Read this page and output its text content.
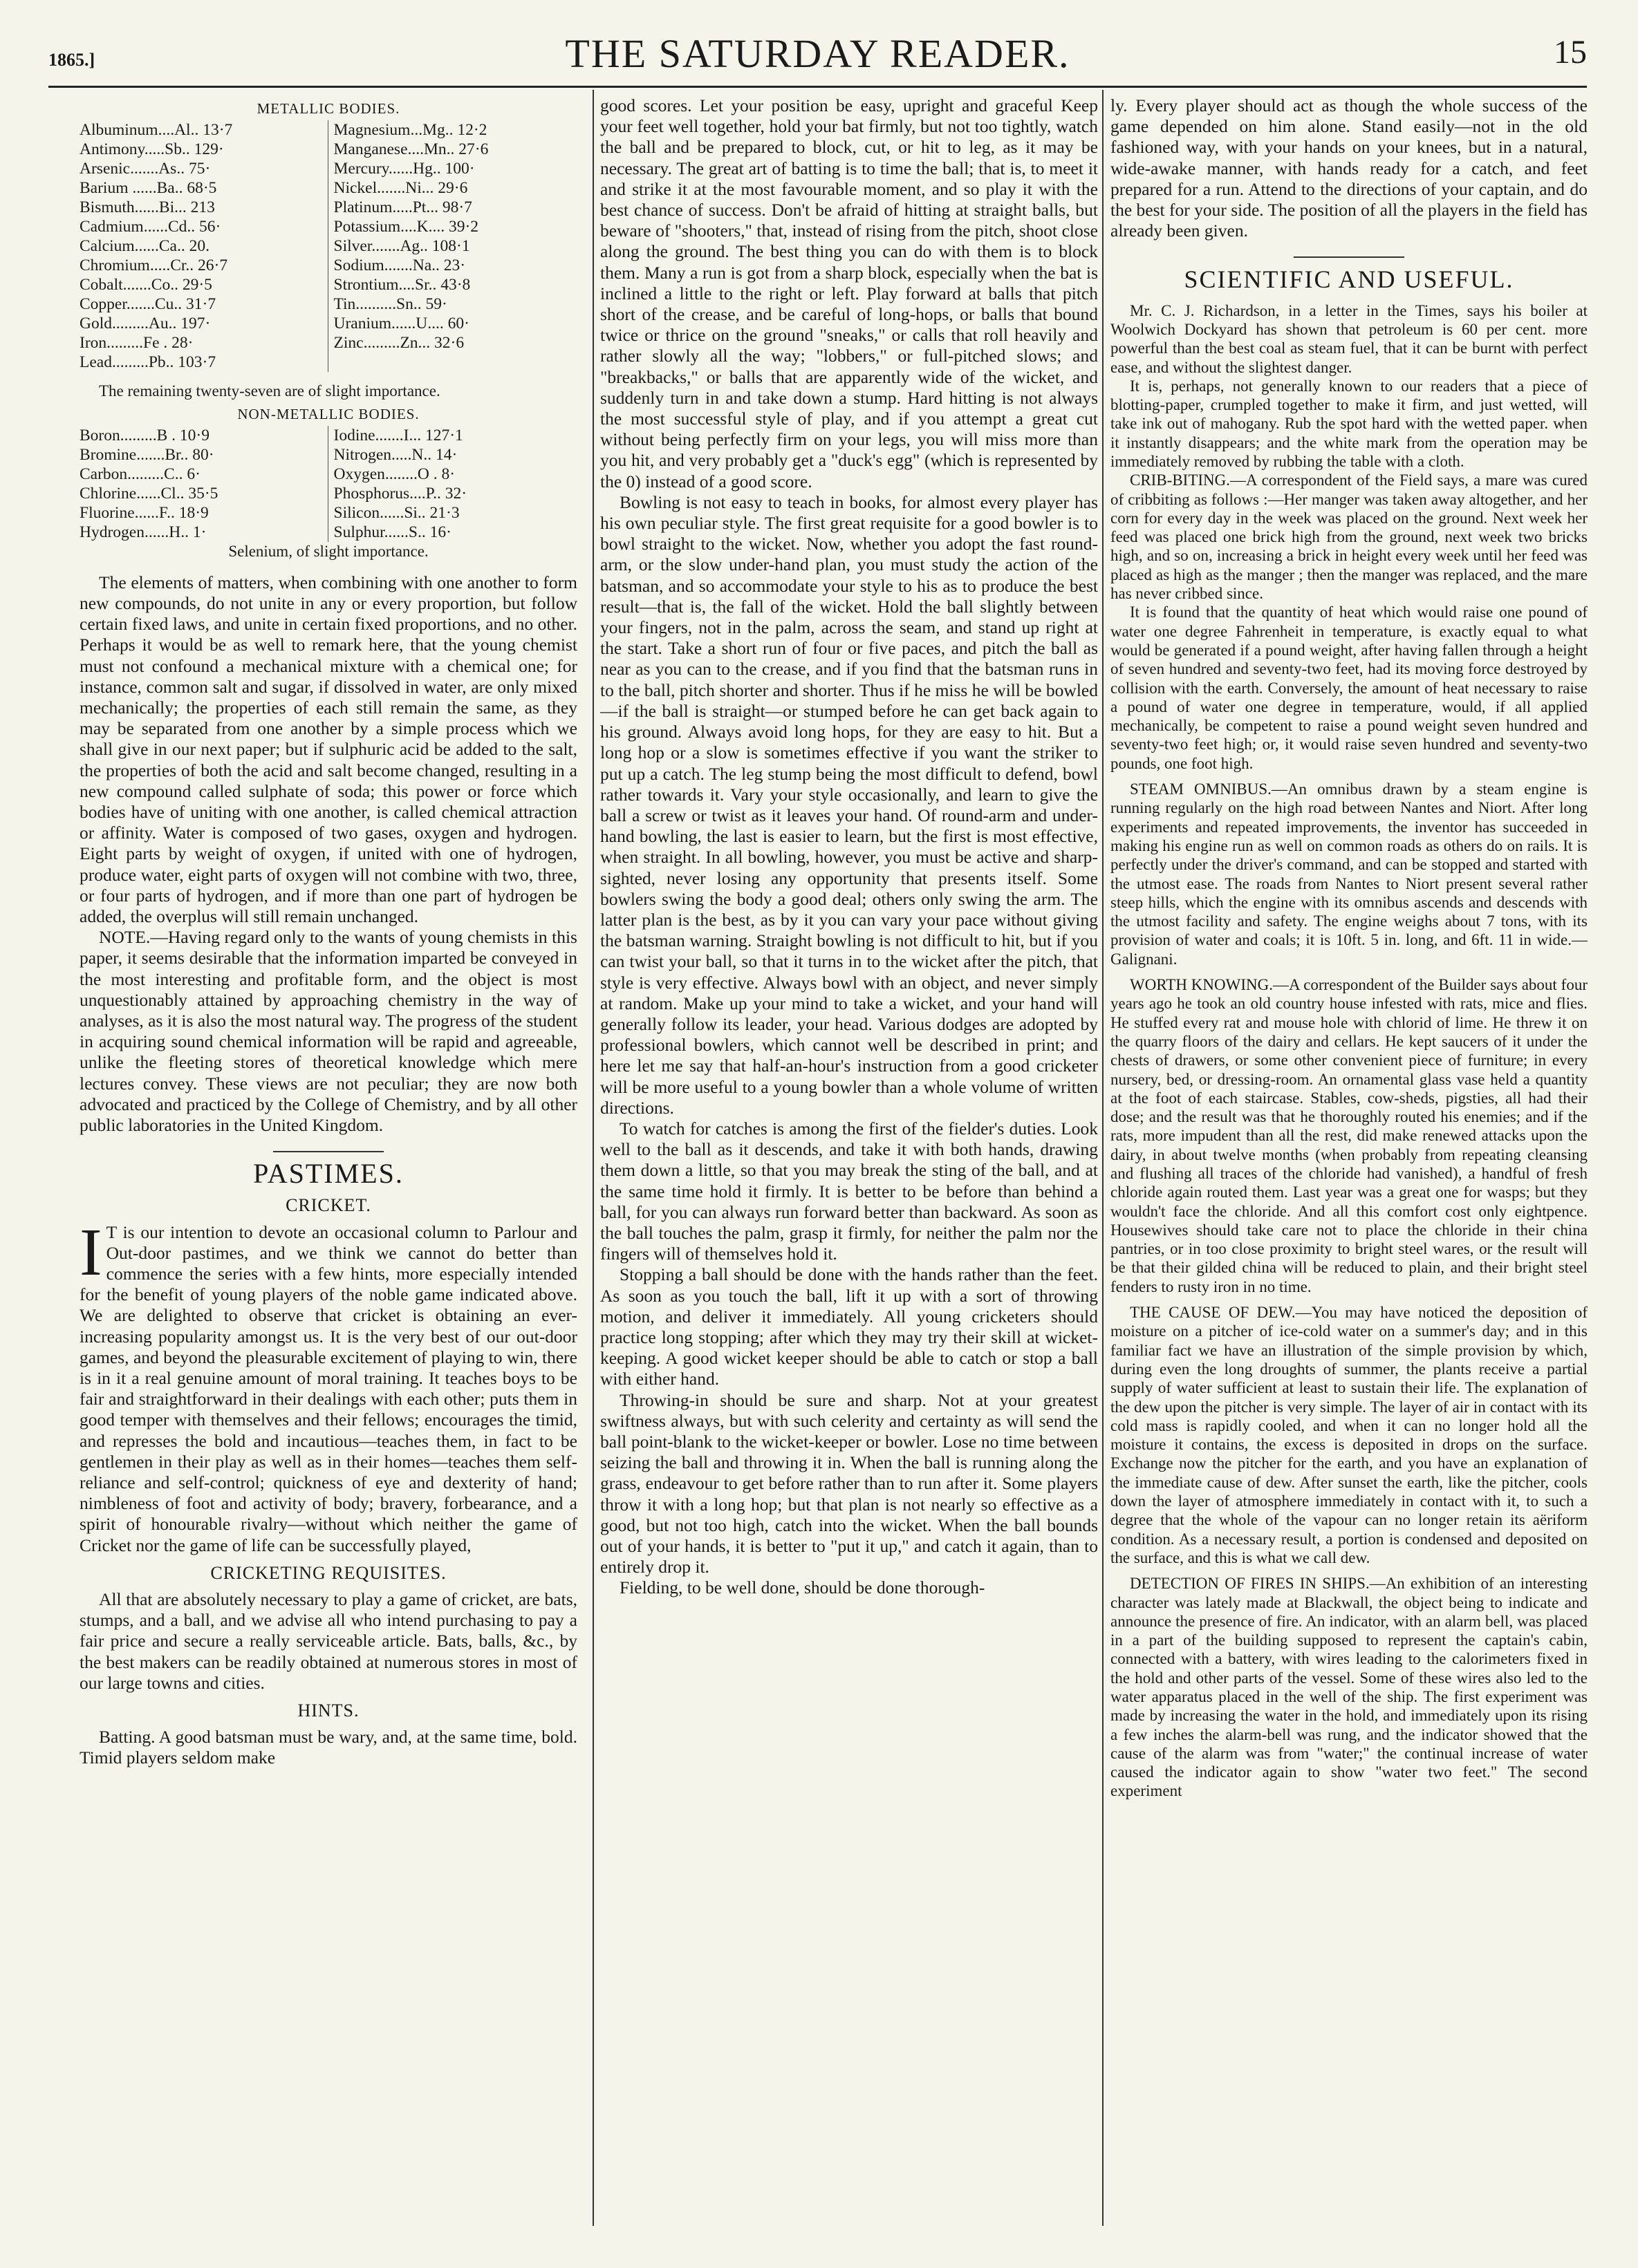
1865.]	THE SATURDAY READER.	15
METALLIC BODIES.
Albuminum....Al.. 13·7
Antimony.....Sb.. 129·
Arsenic.......As.. 75·
Barium ......Ba.. 68·5
Bismuth......Bi... 213
Cadmium......Cd.. 56·
Calcium......Ca.. 20.
Chromium.....Cr.. 26·7
Cobalt.......Co.. 29·5
Copper.......Cu.. 31·7
Gold.........Au.. 197·
Iron.........Fe . 28·
Lead.........Pb.. 103·7
Magnesium...Mg.. 12·2
Manganese....Mn.. 27·6
Mercury......Hg.. 100·
Nickel.......Ni... 29·6
Platinum.....Pt... 98·7
Potassium....K.... 39·2
Silver.......Ag.. 108·1
Sodium.......Na.. 23·
Strontium....Sr.. 43·8
Tin..........Sn.. 59·
Uranium......U.... 60·
Zinc.........Zn... 32·6

The remaining twenty-seven are of slight importance.

NON-METALLIC BODIES.
Boron.........B . 10·9
Bromine.......Br.. 80·
Carbon.........C.. 6·
Chlorine......Cl.. 35·5
Fluorine......F.. 18·9
Hydrogen......H.. 1·
Iodine.......I... 127·1
Nitrogen.....N.. 14·
Oxygen........O . 8·
Phosphorus....P.. 32·
Silicon......Si.. 21·3
Sulphur......S.. 16·
Selenium, of slight importance.

The elements of matters, when combining with one another to form new compounds, do not unite in any or every proportion, but follow certain fixed laws, and unite in certain fixed proportions, and no other. Perhaps it would be as well to remark here, that the young chemist must not confound a mechanical mixture with a chemical one; for instance, common salt and sugar, if dissolved in water, are only mixed mechanically; the properties of each still remain the same, as they may be separated from one another by a simple process which we shall give in our next paper; but if sulphuric acid be added to the salt, the properties of both the acid and salt become changed, resulting in a new compound called sulphate of soda; this power or force which bodies have of uniting with one another, is called chemical attraction or affinity. Water is composed of two gases, oxygen and hydrogen. Eight parts by weight of oxygen, if united with one of hydrogen, produce water, eight parts of oxygen will not combine with two, three, or four parts of hydrogen, and if more than one part of hydrogen be added, the overplus will still remain unchanged.

NOTE.—Having regard only to the wants of young chemists in this paper, it seems desirable that the information imparted be conveyed in the most interesting and profitable form, and the object is most unquestionably attained by approaching chemistry in the way of analyses, as it is also the most natural way. The progress of the student in acquiring sound chemical information will be rapid and agreeable, unlike the fleeting stores of theoretical knowledge which mere lectures convey. These views are not peculiar; they are now both advocated and practiced by the College of Chemistry, and by all other public laboratories in the United Kingdom.

PASTIMES.
CRICKET.

I T is our intention to devote an occasional column to Parlour and Out-door pastimes, and we think we cannot do better than commence the series with a few hints, more especially intended for the benefit of young players of the noble game indicated above. We are delighted to observe that cricket is obtaining an ever-increasing popularity amongst us. It is the very best of our out-door games, and beyond the pleasurable excitement of playing to win, there is in it a real genuine amount of moral training. It teaches boys to be fair and straightforward in their dealings with each other; puts them in good temper with themselves and their fellows; encourages the timid, and represses the bold and incautious—teaches them, in fact to be gentlemen in their play as well as in their homes—teaches them self-reliance and self-control; quickness of eye and dexterity of hand; nimbleness of foot and activity of body; bravery, forbearance, and a spirit of honourable rivalry—without which neither the game of Cricket nor the game of life can be successfully played,

CRICKETING REQUISITES.

All that are absolutely necessary to play a game of cricket, are bats, stumps, and a ball, and we advise all who intend purchasing to pay a fair price and secure a really serviceable article. Bats, balls, &c., by the best makers can be readily obtained at numerous stores in most of our large towns and cities.

HINTS.

Batting. A good batsman must be wary, and, at the same time, bold. Timid players seldom make

good scores. Let your position be easy, upright and graceful Keep your feet well together, hold your bat firmly, but not too tightly, watch the ball and be prepared to block, cut, or hit to leg, as it may be necessary. The great art of batting is to time the ball; that is, to meet it and strike it at the most favourable moment, and so play it with the best chance of success. Don't be afraid of hitting at straight balls, but beware of "shooters," that, instead of rising from the pitch, shoot close along the ground. The best thing you can do with them is to block them. Many a run is got from a sharp block, especially when the bat is inclined a little to the right or left. Play forward at balls that pitch short of the crease, and be careful of long-hops, or balls that bound twice or thrice on the ground "sneaks," or calls that roll heavily and rather slowly all the way; "lobbers," or full-pitched slows; and "breakbacks," or balls that are apparently wide of the wicket, and suddenly turn in and take down a stump. Hard hitting is not always the most successful style of play, and if you attempt a great cut without being perfectly firm on your legs, you will miss more than you hit, and very probably get a "duck's egg" (which is represented by the 0) instead of a good score.

Bowling is not easy to teach in books, for almost every player has his own peculiar style. The first great requisite for a good bowler is to bowl straight to the wicket. Now, whether you adopt the fast round-arm, or the slow under-hand plan, you must study the action of the batsman, and so accommodate your style to his as to produce the best result—that is, the fall of the wicket. Hold the ball slightly between your fingers, not in the palm, across the seam, and stand up right at the start. Take a short run of four or five paces, and pitch the ball as near as you can to the crease, and if you find that the batsman runs in to the ball, pitch shorter and shorter. Thus if he miss he will be bowled—if the ball is straight—or stumped before he can get back again to his ground. Always avoid long hops, for they are easy to hit. But a long hop or a slow is sometimes effective if you want the striker to put up a catch. The leg stump being the most difficult to defend, bowl rather towards it. Vary your style occasionally, and learn to give the ball a screw or twist as it leaves your hand. Of round-arm and under-hand bowling, the last is easier to learn, but the first is most effective, when straight. In all bowling, however, you must be active and sharp-sighted, never losing any opportunity that presents itself. Some bowlers swing the body a good deal; others only swing the arm. The latter plan is the best, as by it you can vary your pace without giving the batsman warning. Straight bowling is not difficult to hit, but if you can twist your ball, so that it turns in to the wicket after the pitch, that style is very effective. Always bowl with an object, and never simply at random. Make up your mind to take a wicket, and your hand will generally follow its leader, your head. Various dodges are adopted by professional bowlers, which cannot well be described in print; and here let me say that half-an-hour's instruction from a good cricketer will be more useful to a young bowler than a whole volume of written directions.

To watch for catches is among the first of the fielder's duties. Look well to the ball as it descends, and take it with both hands, drawing them down a little, so that you may break the sting of the ball, and at the same time hold it firmly. It is better to be before than behind a ball, for you can always run forward better than backward. As soon as the ball touches the palm, grasp it firmly, for neither the palm nor the fingers will of themselves hold it.

Stopping a ball should be done with the hands rather than the feet. As soon as you touch the ball, lift it up with a sort of throwing motion, and deliver it immediately. All young cricketers should practice long stopping; after which they may try their skill at wicket-keeping. A good wicket keeper should be able to catch or stop a ball with either hand.

Throwing-in should be sure and sharp. Not at your greatest swiftness always, but with such celerity and certainty as will send the ball point-blank to the wicket-keeper or bowler. Lose no time between seizing the ball and throwing it in. When the ball is running along the grass, endeavour to get before rather than to run after it. Some players throw it with a long hop; but that plan is not nearly so effective as a good, but not too high, catch into the wicket. When the ball bounds out of your hands, it is better to "put it up," and catch it again, than to entirely drop it.

Fielding, to be well done, should be done thorough-

ly. Every player should act as though the whole success of the game depended on him alone. Stand easily—not in the old fashioned way, with your hands on your knees, but in a natural, wide-awake manner, with hands ready for a catch, and feet prepared for a run. Attend to the directions of your captain, and do the best for your side. The position of all the players in the field has already been given.

SCIENTIFIC AND USEFUL.

Mr. C. J. Richardson, in a letter in the Times, says his boiler at Woolwich Dockyard has shown that petroleum is 60 per cent. more powerful than the best coal as steam fuel, that it can be burnt with perfect ease, and without the slightest danger.

It is, perhaps, not generally known to our readers that a piece of blotting-paper, crumpled together to make it firm, and just wetted, will take ink out of mahogany. Rub the spot hard with the wetted paper. when it instantly disappears; and the white mark from the operation may be immediately removed by rubbing the table with a cloth.

CRIB-BITING.—A correspondent of the Field says, a mare was cured of cribbiting as follows :—Her manger was taken away altogether, and her corn for every day in the week was placed on the ground. Next week her feed was placed one brick high from the ground, next week two bricks high, and so on, increasing a brick in height every week until her feed was placed as high as the manger ; then the manger was replaced, and the mare has never cribbed since.

It is found that the quantity of heat which would raise one pound of water one degree Fahrenheit in temperature, is exactly equal to what would be generated if a pound weight, after having fallen through a height of seven hundred and seventy-two feet, had its moving force destroyed by collision with the earth. Conversely, the amount of heat necessary to raise a pound of water one degree in temperature, would, if all applied mechanically, be competent to raise a pound weight seven hundred and seventy-two feet high; or, it would raise seven hundred and seventy-two pounds, one foot high.

STEAM OMNIBUS.—An omnibus drawn by a steam engine is running regularly on the high road between Nantes and Niort. After long experiments and repeated improvements, the inventor has succeeded in making his engine run as well on common roads as others do on rails. It is perfectly under the driver's command, and can be stopped and started with the utmost ease. The roads from Nantes to Niort present several rather steep hills, which the engine with its omnibus ascends and descends with the utmost facility and safety. The engine weighs about 7 tons, with its provision of water and coals; it is 10ft. 5 in. long, and 6ft. 11 in wide.—Galignani.

WORTH KNOWING.—A correspondent of the Builder says about four years ago he took an old country house infested with rats, mice and flies. He stuffed every rat and mouse hole with chlorid of lime. He threw it on the quarry floors of the dairy and cellars. He kept saucers of it under the chests of drawers, or some other convenient piece of furniture; in every nursery, bed, or dressing-room. An ornamental glass vase held a quantity at the foot of each staircase. Stables, cow-sheds, pigsties, all had their dose; and the result was that he thoroughly routed his enemies; and if the rats, more impudent than all the rest, did make renewed attacks upon the dairy, in about twelve months (when probably from repeating cleansing and flushing all traces of the chloride had vanished), a handful of fresh chloride again routed them. Last year was a great one for wasps; but they wouldn't face the chloride. And all this comfort cost only eightpence. Housewives should take care not to place the chloride in their china pantries, or in too close proximity to bright steel wares, or the result will be that their gilded china will be reduced to plain, and their bright steel fenders to rusty iron in no time.

THE CAUSE OF DEW.—You may have noticed the deposition of moisture on a pitcher of ice-cold water on a summer's day; and in this familiar fact we have an illustration of the simple provision by which, during even the long droughts of summer, the plants receive a partial supply of water sufficient at least to sustain their life. The explanation of the dew upon the pitcher is very simple. The layer of air in contact with its cold mass is rapidly cooled, and when it can no longer hold all the moisture it contains, the excess is deposited in drops on the surface. Exchange now the pitcher for the earth, and you have an explanation of the immediate cause of dew. After sunset the earth, like the pitcher, cools down the layer of atmosphere immediately in contact with it, to such a degree that the whole of the vapour can no longer retain its aëriform condition. As a necessary result, a portion is condensed and deposited on the surface, and this is what we call dew.

DETECTION OF FIRES IN SHIPS.—An exhibition of an interesting character was lately made at Blackwall, the object being to indicate and announce the presence of fire. An indicator, with an alarm bell, was placed in a part of the building supposed to represent the captain's cabin, connected with a battery, with wires leading to the calorimeters fixed in the hold and other parts of the vessel. Some of these wires also led to the water apparatus placed in the well of the ship. The first experiment was made by increasing the water in the hold, and immediately upon its rising a few inches the alarm-bell was rung, and the indicator showed that the cause of the alarm was from "water;" the continual increase of water caused the indicator again to show "water two feet." The second experiment
